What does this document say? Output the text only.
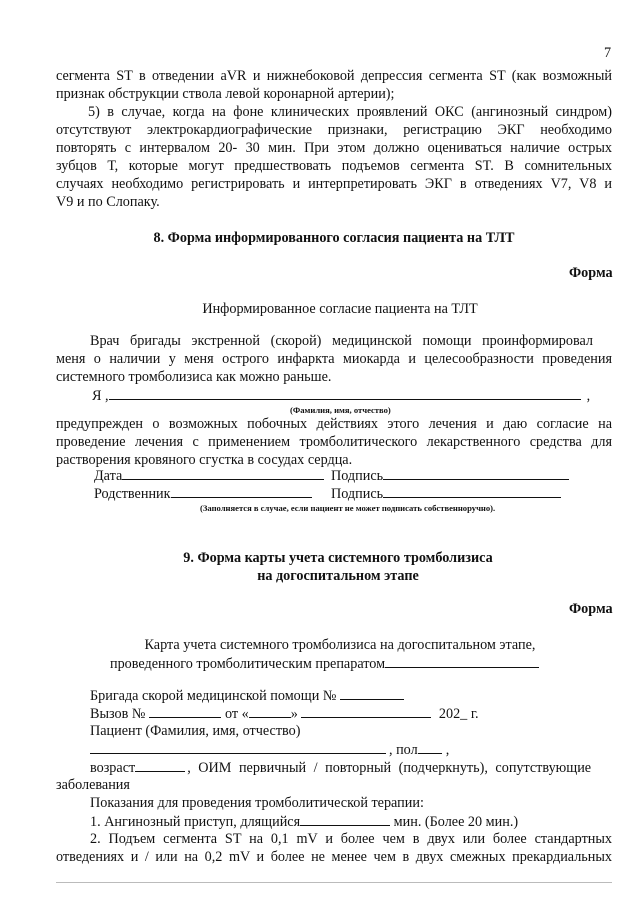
7
сегмента ST в отведении aVR и нижнебоковой депрессия сегмента ST (как возможный
признак обструкции ствола левой коронарной артерии);
5) в случае, когда на фоне клинических проявлений ОКС (ангинозный синдром)
отсутствуют электрокардиографические признаки, регистрацию ЭКГ необходимо
повторять с интервалом 20- 30 мин. При этом должно оцениваться наличие острых
зубцов Т, которые могут предшествовать подъемов сегмента ST. В сомнительных
случаях необходимо регистрировать и интерпретировать ЭКГ в отведениях V7, V8 и
V9 и по Слопаку.
8. Форма информированного согласия пациента на ТЛТ
Форма
Информированное согласие пациента на ТЛТ
Врач бригады экстренной (скорой) медицинской помощи проинформировал
меня о наличии у меня острого инфаркта миокарда и целесообразности проведения
системного тромболизиса как можно раньше.
Я ,	,
(Фамилия, имя, отчество)
предупрежден о возможных побочных действиях этого лечения и даю согласие на
проведение лечения с применением тромболитического лекарственного средства для
растворения кровяного сгустка в сосудах сердца.
Дата	Подпись
Родственник	Подпись
(Заполняется в случае, если пациент не может подписать собственноручно).
9. Форма карты учета системного тромболизиса
на догоспитальном этапе
Форма
Карта учета системного тромболизиса на догоспитальном этапе,
проведенного тромболитическим препаратом
Бригада скорой медицинской помощи №
Вызов №	от «	»	202_ г.
Пациент (Фамилия, имя, отчество)
, пол ,
возраст	, ОИМ первичный / повторный (подчеркнуть), сопутствующие
заболевания
Показания для проведения тромболитической терапии:
1. Ангинозный приступ, длящийся	мин. (Более 20 мин.)
2. Подъем сегмента ST на 0,1 mV и более чем в двух или более стандартных
отведениях и / или на 0,2 mV и более не менее чем в двух смежных прекардиальных
